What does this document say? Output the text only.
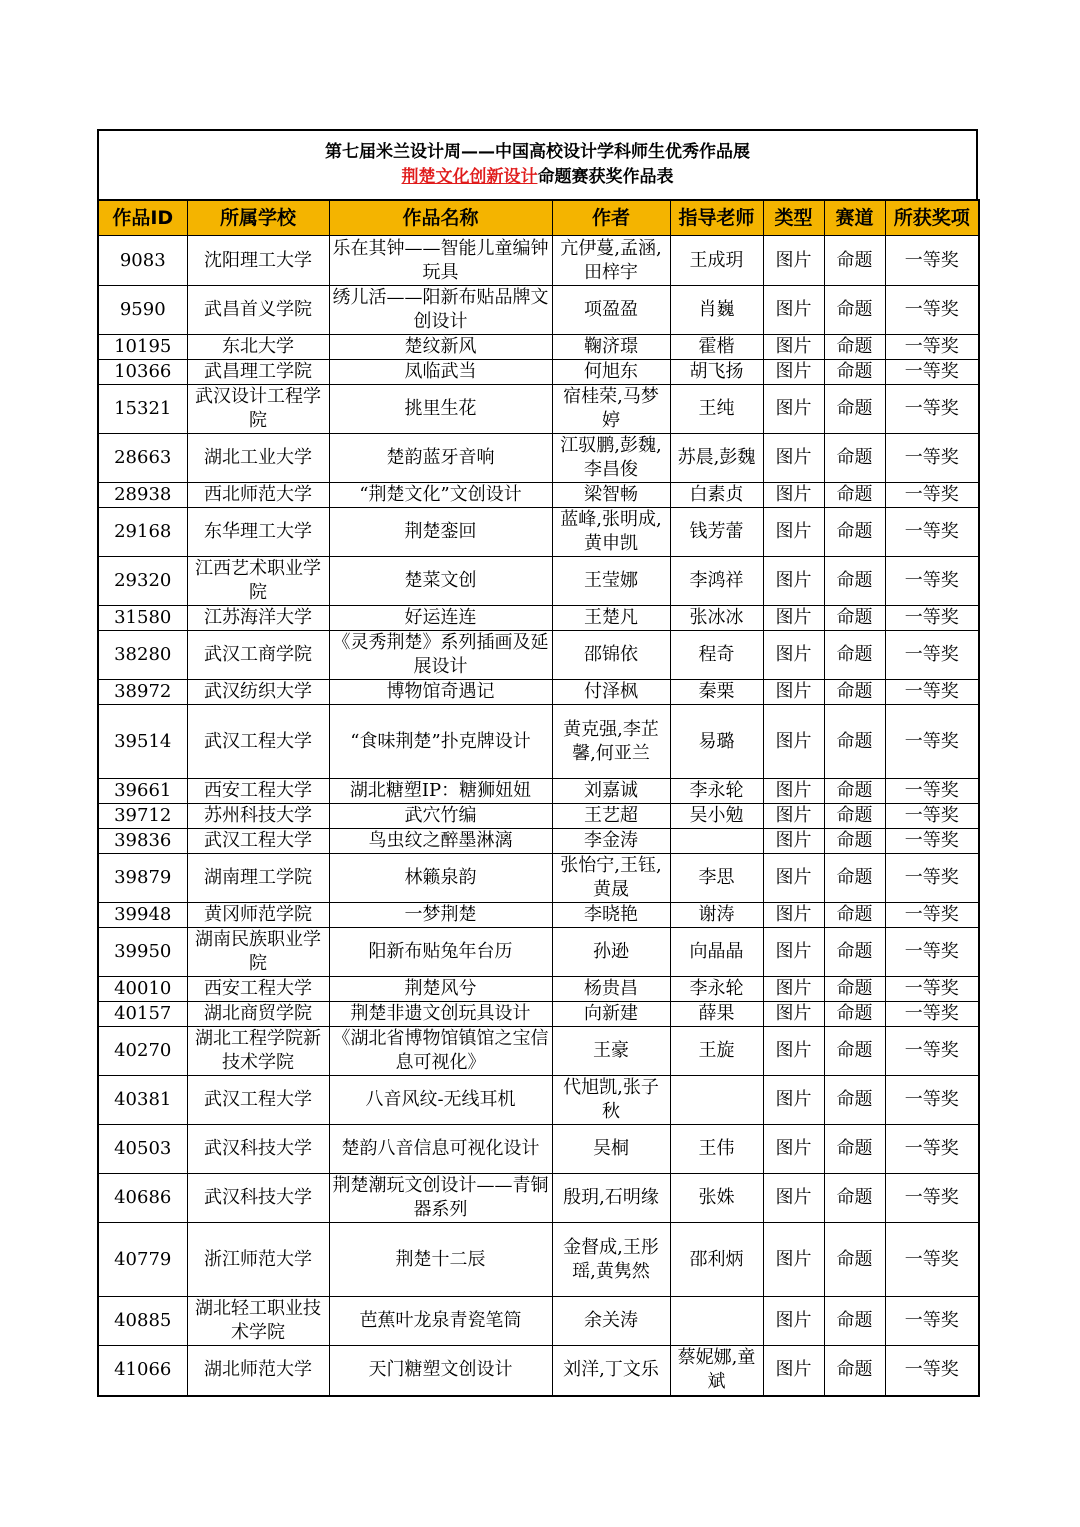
第七届米兰设计周——中国高校设计学科师生优秀作品展
荆楚文化创新设计命题赛获奖作品表
作品ID	所属学校	作品名称	作者	指导老师	类型	赛道	所获奖项
9083	沈阳理工大学	乐在其钟——智能儿童编钟玩具	亢伊蔓,孟涵,田梓宇	王成玥	图片	命题	一等奖
9590	武昌首义学院	绣儿活——阳新布贴品牌文创设计	项盈盈	肖巍	图片	命题	一等奖
10195	东北大学	楚纹新风	鞠济璟	霍楷	图片	命题	一等奖
10366	武昌理工学院	凤临武当	何旭东	胡飞扬	图片	命题	一等奖
15321	武汉设计工程学院	挑里生花	宿桂荣,马梦婷	王纯	图片	命题	一等奖
28663	湖北工业大学	楚韵蓝牙音响	江驭鹏,彭魏,李昌俊	苏晨,彭魏	图片	命题	一等奖
28938	西北师范大学	“荆楚文化”文创设计	梁智畅	白素贞	图片	命题	一等奖
29168	东华理工大学	荆楚銮回	蓝峰,张明成,黄申凯	钱芳蕾	图片	命题	一等奖
29320	江西艺术职业学院	楚菜文创	王莹娜	李鸿祥	图片	命题	一等奖
31580	江苏海洋大学	好运连连	王楚凡	张冰冰	图片	命题	一等奖
38280	武汉工商学院	《灵秀荆楚》系列插画及延展设计	邵锦依	程奇	图片	命题	一等奖
38972	武汉纺织大学	博物馆奇遇记	付泽枫	秦栗	图片	命题	一等奖
39514	武汉工程大学	“食味荆楚”扑克牌设计	黄克强,李芷馨,何亚兰	易璐	图片	命题	一等奖
39661	西安工程大学	湖北糖塑IP：糖狮妞妞	刘嘉诚	李永轮	图片	命题	一等奖
39712	苏州科技大学	武穴竹编	王艺超	吴小勉	图片	命题	一等奖
39836	武汉工程大学	鸟虫纹之醉墨淋漓	李金涛		图片	命题	一等奖
39879	湖南理工学院	林籁泉韵	张怡宁,王钰,黄晟	李思	图片	命题	一等奖
39948	黄冈师范学院	一梦荆楚	李晓艳	谢涛	图片	命题	一等奖
39950	湖南民族职业学院	阳新布贴兔年台历	孙逊	向晶晶	图片	命题	一等奖
40010	西安工程大学	荆楚风兮	杨贵昌	李永轮	图片	命题	一等奖
40157	湖北商贸学院	荆楚非遗文创玩具设计	向新建	薛果	图片	命题	一等奖
40270	湖北工程学院新技术学院	《湖北省博物馆镇馆之宝信息可视化》	王豪	王旋	图片	命题	一等奖
40381	武汉工程大学	八音风纹-无线耳机	代旭凯,张子秋		图片	命题	一等奖
40503	武汉科技大学	楚韵八音信息可视化设计	吴桐	王伟	图片	命题	一等奖
40686	武汉科技大学	荆楚潮玩文创设计——青铜器系列	殷玥,石明缘	张姝	图片	命题	一等奖
40779	浙江师范大学	荆楚十二辰	金督成,王彤瑶,黄隽然	邵利炳	图片	命题	一等奖
40885	湖北轻工职业技术学院	芭蕉叶龙泉青瓷笔筒	余关涛		图片	命题	一等奖
41066	湖北师范大学	天门糖塑文创设计	刘洋,丁文乐	蔡妮娜,童斌	图片	命题	一等奖
